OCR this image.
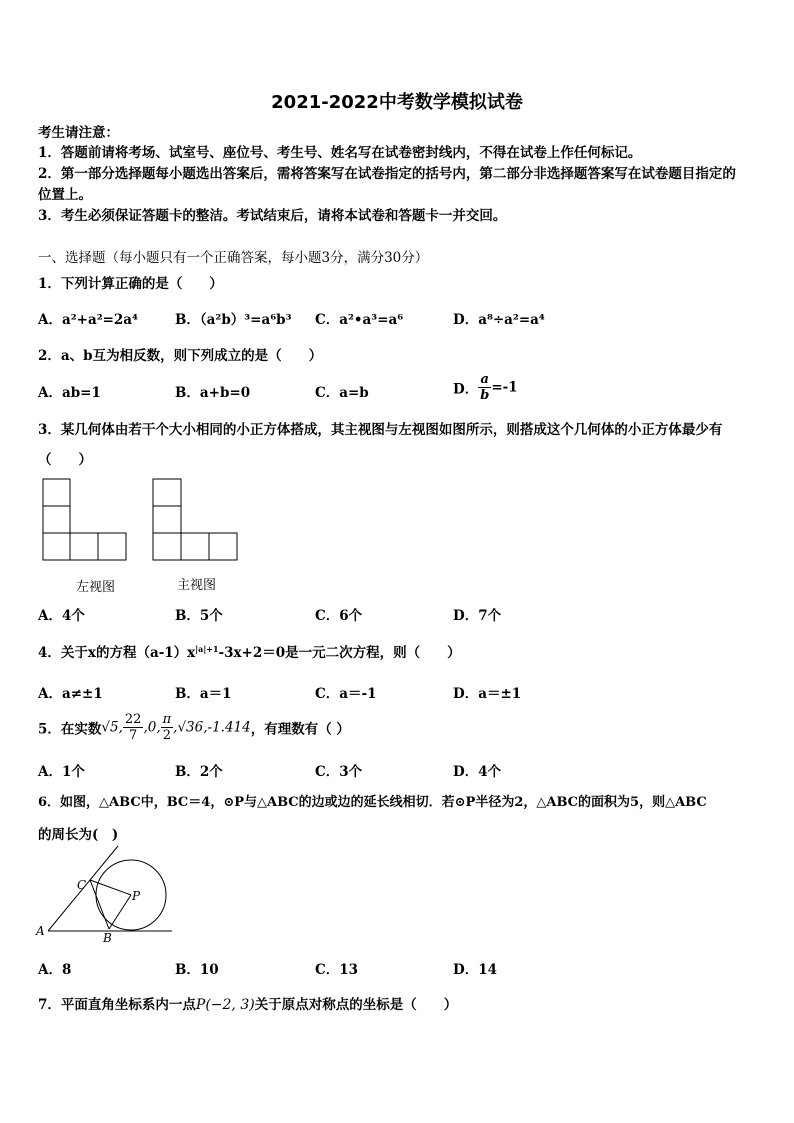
2021-2022中考数学模拟试卷
考生请注意：
1．答题前请将考场、试室号、座位号、考生号、姓名写在试卷密封线内，不得在试卷上作任何标记。
2．第一部分选择题每小题选出答案后，需将答案写在试卷指定的括号内，第二部分非选择题答案写在试卷题目指定的
位置上。
3．考生必须保证答题卡的整洁。考试结束后，请将本试卷和答题卡一并交回。
一、选择题（每小题只有一个正确答案，每小题3分，满分30分）
1．下列计算正确的是（　　）
A．a²+a²=2a⁴	B．（a²b）³=a⁶b³ C．a²•a³=a⁶	D．a⁸÷a²=a⁴
2．a、b互为相反数，则下列成立的是（　　）
A．ab=1	B．a+b=0	C．a=b	D． $\frac{a}{b} =-1$
3．某几何体由若干个大小相同的小正方体搭成，其主视图与左视图如图所示，则搭成这个几何体的小正方体最少有
（　　）
左视图	主视图
A．4个	B．5个	C．6个	D．7个
4．关于x的方程$(a-1)x^{|a|+1}-3x+2=0$是一元二次方程，则（　　）
A．a≠±1	B．a＝1	C．a＝-1	D．a＝±1
5．在实数√5, $\frac{22}{7} ,0$, $\frac{\pi}{2} ,√36,-1.414$，有理数有（ ）
A．1个	B．2个	C．3个	D．4个
6．如图，△ABC中，BC＝4，⊙P与△ABC的边或边的延长线相切．若⊙P半径为2，△ABC的面积为5，则△ABC
的周长为(　)
A	B
C
P
A．8	B．10	C．13	D．14
7．平面直角坐标系内一点P(−2, 3)关于原点对称点的坐标是（　　）
